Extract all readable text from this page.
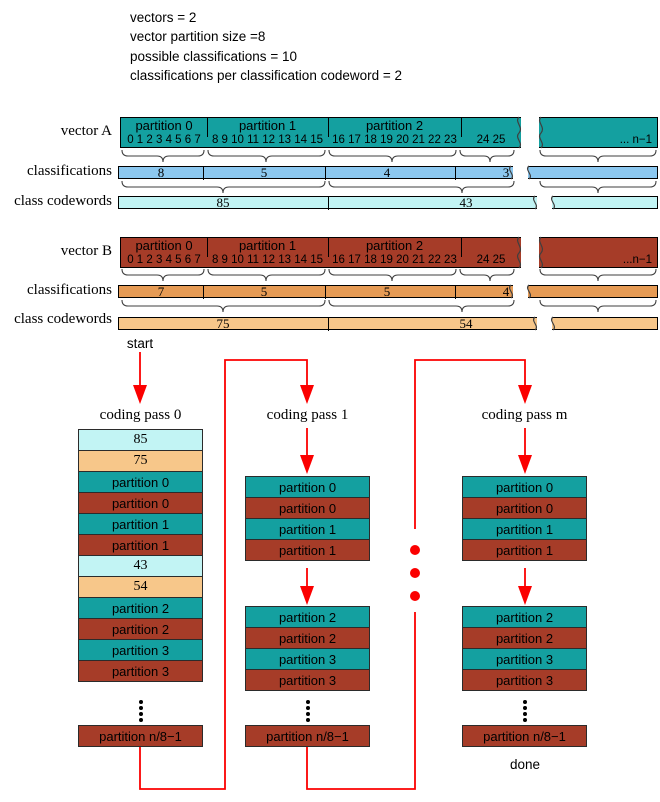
vectors = 2
vector partition size =8
possible classifications = 10
classifications per classification codeword = 2
vector A
classifications
class codewords
vector B
classifications
class codewords
start
done
partition 0	partition 1	partition 2
0 1 2 3 4 5 6 7 8 9 10 11 12 13 14 15 16 17 18 19 20 21 22 23	24 25	... n−1
partition 0	partition 1	partition 2
0 1 2 3 4 5 6 7 8 9 10 11 12 13 14 15 16 17 18 19 20 21 22 23	24 25	...n−1
8	5	4	3
85	43
7	5	5	4
75	54
coding pass 0
85
75
partition 0
partition 0
partition 1
partition 1
43
54
partition 2
partition 2
partition 3
partition 3
partition n/8−1
coding pass 1
partition 0
partition 0
partition 1
partition 1
partition 2
partition 2
partition 3
partition 3
partition n/8−1
coding pass m
partition 0
partition 0
partition 1
partition 1
partition 2
partition 2
partition 3
partition 3
partition n/8−1
